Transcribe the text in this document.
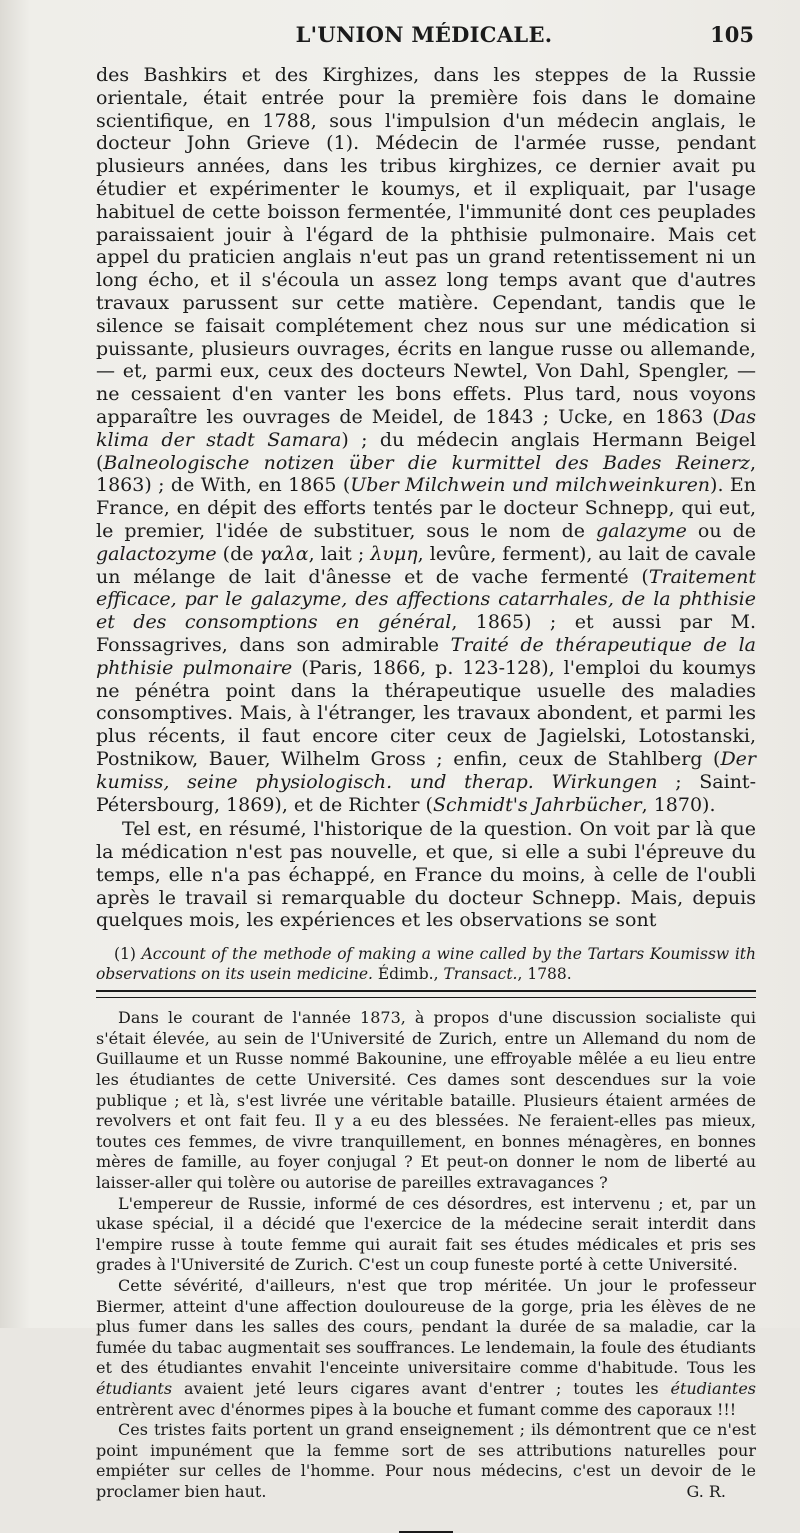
L'UNION MÉDICALE.	105

des Bashkirs et des Kirghizes, dans les steppes de la Russie orientale, était entrée pour la première fois dans le domaine scientifique, en 1788, sous l'impulsion d'un médecin anglais, le docteur John Grieve (1). Médecin de l'armée russe, pendant plusieurs années, dans les tribus kirghizes, ce dernier avait pu étudier et expérimenter le koumys, et il expliquait, par l'usage habituel de cette boisson fermentée, l'immunité dont ces peuplades paraissaient jouir à l'égard de la phthisie pulmonaire. Mais cet appel du praticien anglais n'eut pas un grand retentissement ni un long écho, et il s'écoula un assez long temps avant que d'autres travaux parussent sur cette matière. Cependant, tandis que le silence se faisait complétement chez nous sur une médication si puissante, plusieurs ouvrages, écrits en langue russe ou allemande, — et, parmi eux, ceux des docteurs Newtel, Von Dahl, Spengler, — ne cessaient d'en vanter les bons effets. Plus tard, nous voyons apparaître les ouvrages de Meidel, de 1843 ; Ucke, en 1863 (Das klima der stadt Samara) ; du médecin anglais Hermann Beigel (Balneologische notizen über die kurmittel des Bades Reinerz, 1863) ; de With, en 1865 (Uber Milchwein und milchweinkuren). En France, en dépit des efforts tentés par le docteur Schnepp, qui eut, le premier, l'idée de substituer, sous le nom de galazyme ou de galactozyme (de γαλα, lait ; λυμη, levûre, ferment), au lait de cavale un mélange de lait d'ânesse et de vache fermenté (Traitement efficace, par le galazyme, des affections catarrhales, de la phthisie et des consomptions en général, 1865) ; et aussi par M. Fonssagrives, dans son admirable Traité de thérapeutique de la phthisie pulmonaire (Paris, 1866, p. 123-128), l'emploi du koumys ne pénétra point dans la thérapeutique usuelle des maladies consomptives. Mais, à l'étranger, les travaux abondent, et parmi les plus récents, il faut encore citer ceux de Jagielski, Lotostanski, Postnikow, Bauer, Wilhelm Gross ; enfin, ceux de Stahlberg (Der kumiss, seine physiologisch. und therap. Wirkungen ; Saint-Pétersbourg, 1869), et de Richter (Schmidt's Jahrbücher, 1870).

Tel est, en résumé, l'historique de la question. On voit par là que la médication n'est pas nouvelle, et que, si elle a subi l'épreuve du temps, elle n'a pas échappé, en France du moins, à celle de l'oubli après le travail si remarquable du docteur Schnepp. Mais, depuis quelques mois, les expériences et les observations se sont

(1) Account of the methode of making a wine called by the Tartars Koumissw ith observations on its usein medicine. Édimb., Transact., 1788.

Dans le courant de l'année 1873, à propos d'une discussion socialiste qui s'était élevée, au sein de l'Université de Zurich, entre un Allemand du nom de Guillaume et un Russe nommé Bakounine, une effroyable mêlée a eu lieu entre les étudiantes de cette Université. Ces dames sont descendues sur la voie publique ; et là, s'est livrée une véritable bataille. Plusieurs étaient armées de revolvers et ont fait feu. Il y a eu des blessées. Ne feraient-elles pas mieux, toutes ces femmes, de vivre tranquillement, en bonnes ménagères, en bonnes mères de famille, au foyer conjugal ? Et peut-on donner le nom de liberté au laisser-aller qui tolère ou autorise de pareilles extravagances ?

L'empereur de Russie, informé de ces désordres, est intervenu ; et, par un ukase spécial, il a décidé que l'exercice de la médecine serait interdit dans l'empire russe à toute femme qui aurait fait ses études médicales et pris ses grades à l'Université de Zurich. C'est un coup funeste porté à cette Université.

Cette sévérité, d'ailleurs, n'est que trop méritée. Un jour le professeur Biermer, atteint d'une affection douloureuse de la gorge, pria les élèves de ne plus fumer dans les salles des cours, pendant la durée de sa maladie, car la fumée du tabac augmentait ses souffrances. Le lendemain, la foule des étudiants et des étudiantes envahit l'enceinte universitaire comme d'habitude. Tous les étudiants avaient jeté leurs cigares avant d'entrer ; toutes les étudiantes entrèrent avec d'énormes pipes à la bouche et fumant comme des caporaux !!!

Ces tristes faits portent un grand enseignement ; ils démontrent que ce n'est point impunément que la femme sort de ses attributions naturelles pour empiéter sur celles de l'homme. Pour nous médecins, c'est un devoir de le proclamer bien haut.	G. R.
